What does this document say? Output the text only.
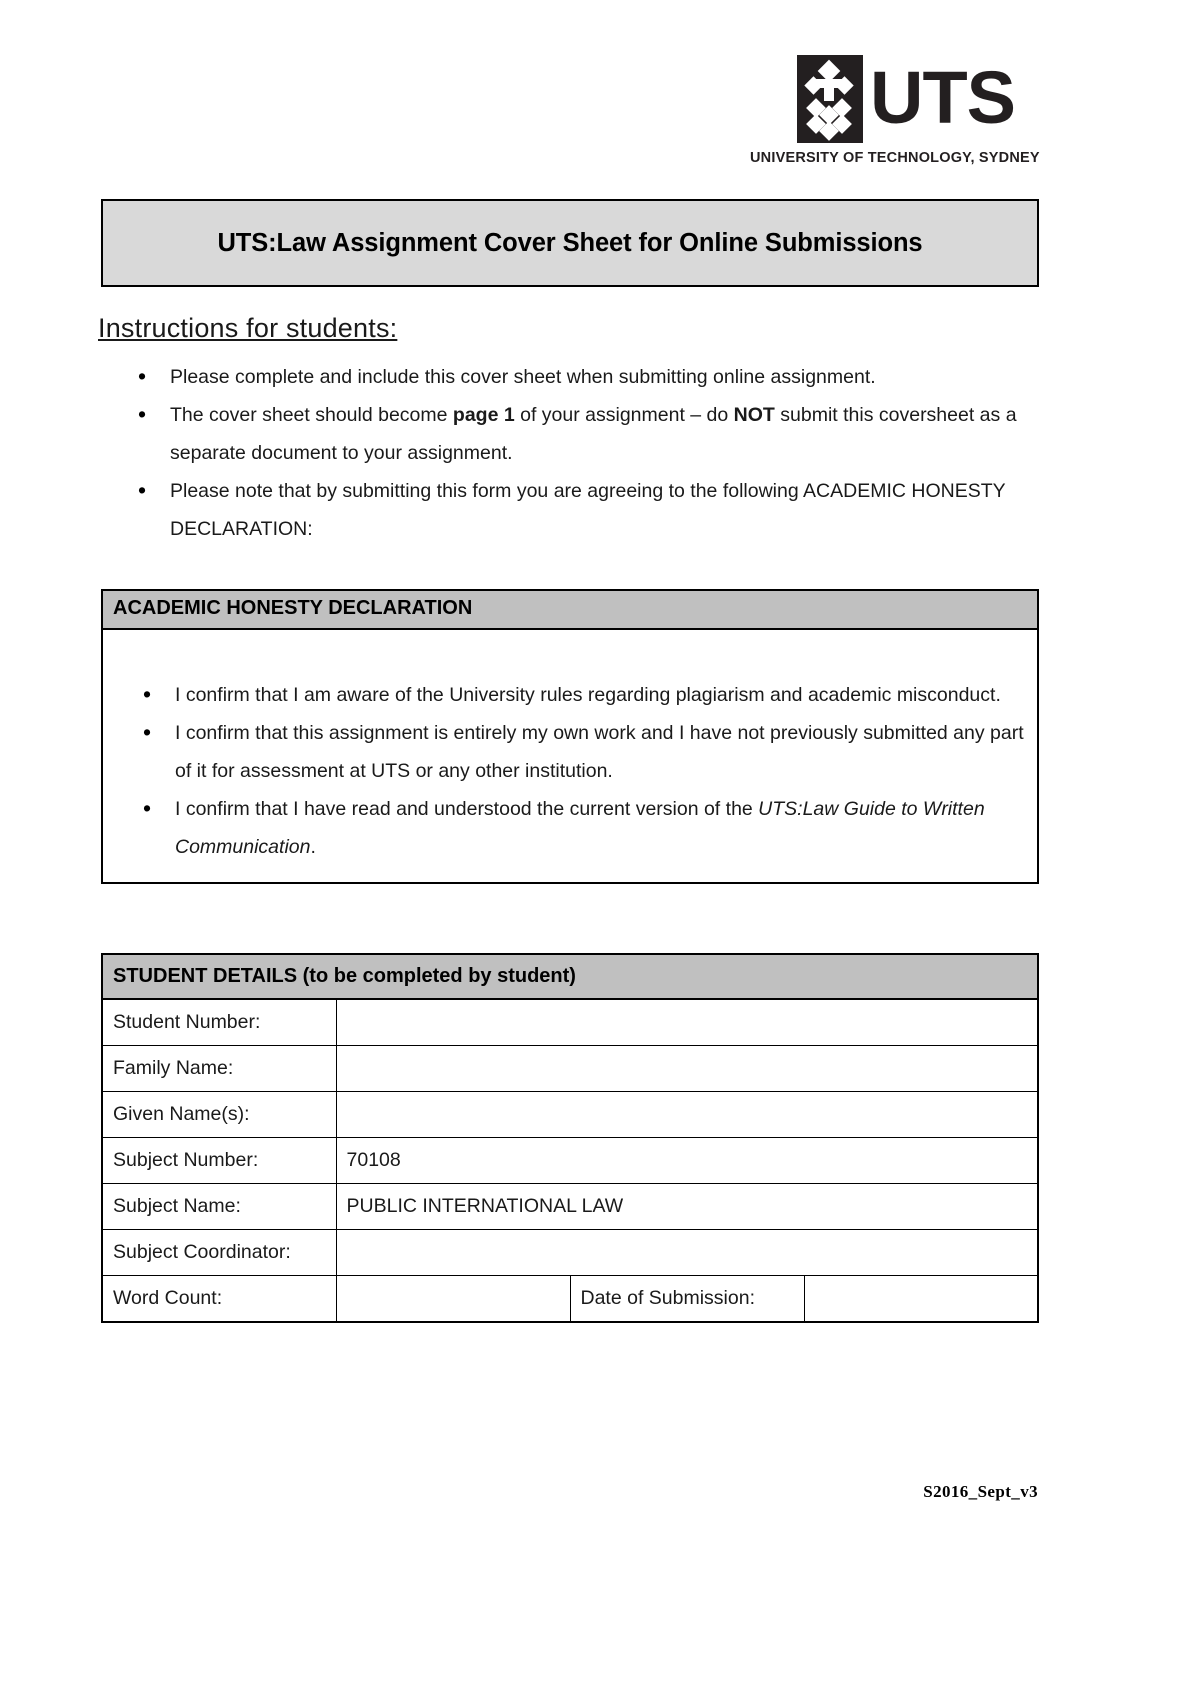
UTS
UNIVERSITY OF TECHNOLOGY, SYDNEY
UTS:Law Assignment Cover Sheet for Online Submissions
Instructions for students:
• Please complete and include this cover sheet when submitting online assignment.
• The cover sheet should become page 1 of your assignment – do NOT submit this coversheet as a separate document to your assignment.
• Please note that by submitting this form you are agreeing to the following ACADEMIC HONESTY DECLARATION:
ACADEMIC HONESTY DECLARATION
• I confirm that I am aware of the University rules regarding plagiarism and academic misconduct.
• I confirm that this assignment is entirely my own work and I have not previously submitted any part of it for assessment at UTS or any other institution.
• I confirm that I have read and understood the current version of the UTS:Law Guide to Written Communication.
STUDENT DETAILS (to be completed by student)			
Student Number:			
Family Name:			
Given Name(s):			
Subject Number:	70108		
Subject Name:	PUBLIC INTERNATIONAL LAW		
Subject Coordinator:			
Word Count:		Date of Submission:	
S2016_Sept_v3
